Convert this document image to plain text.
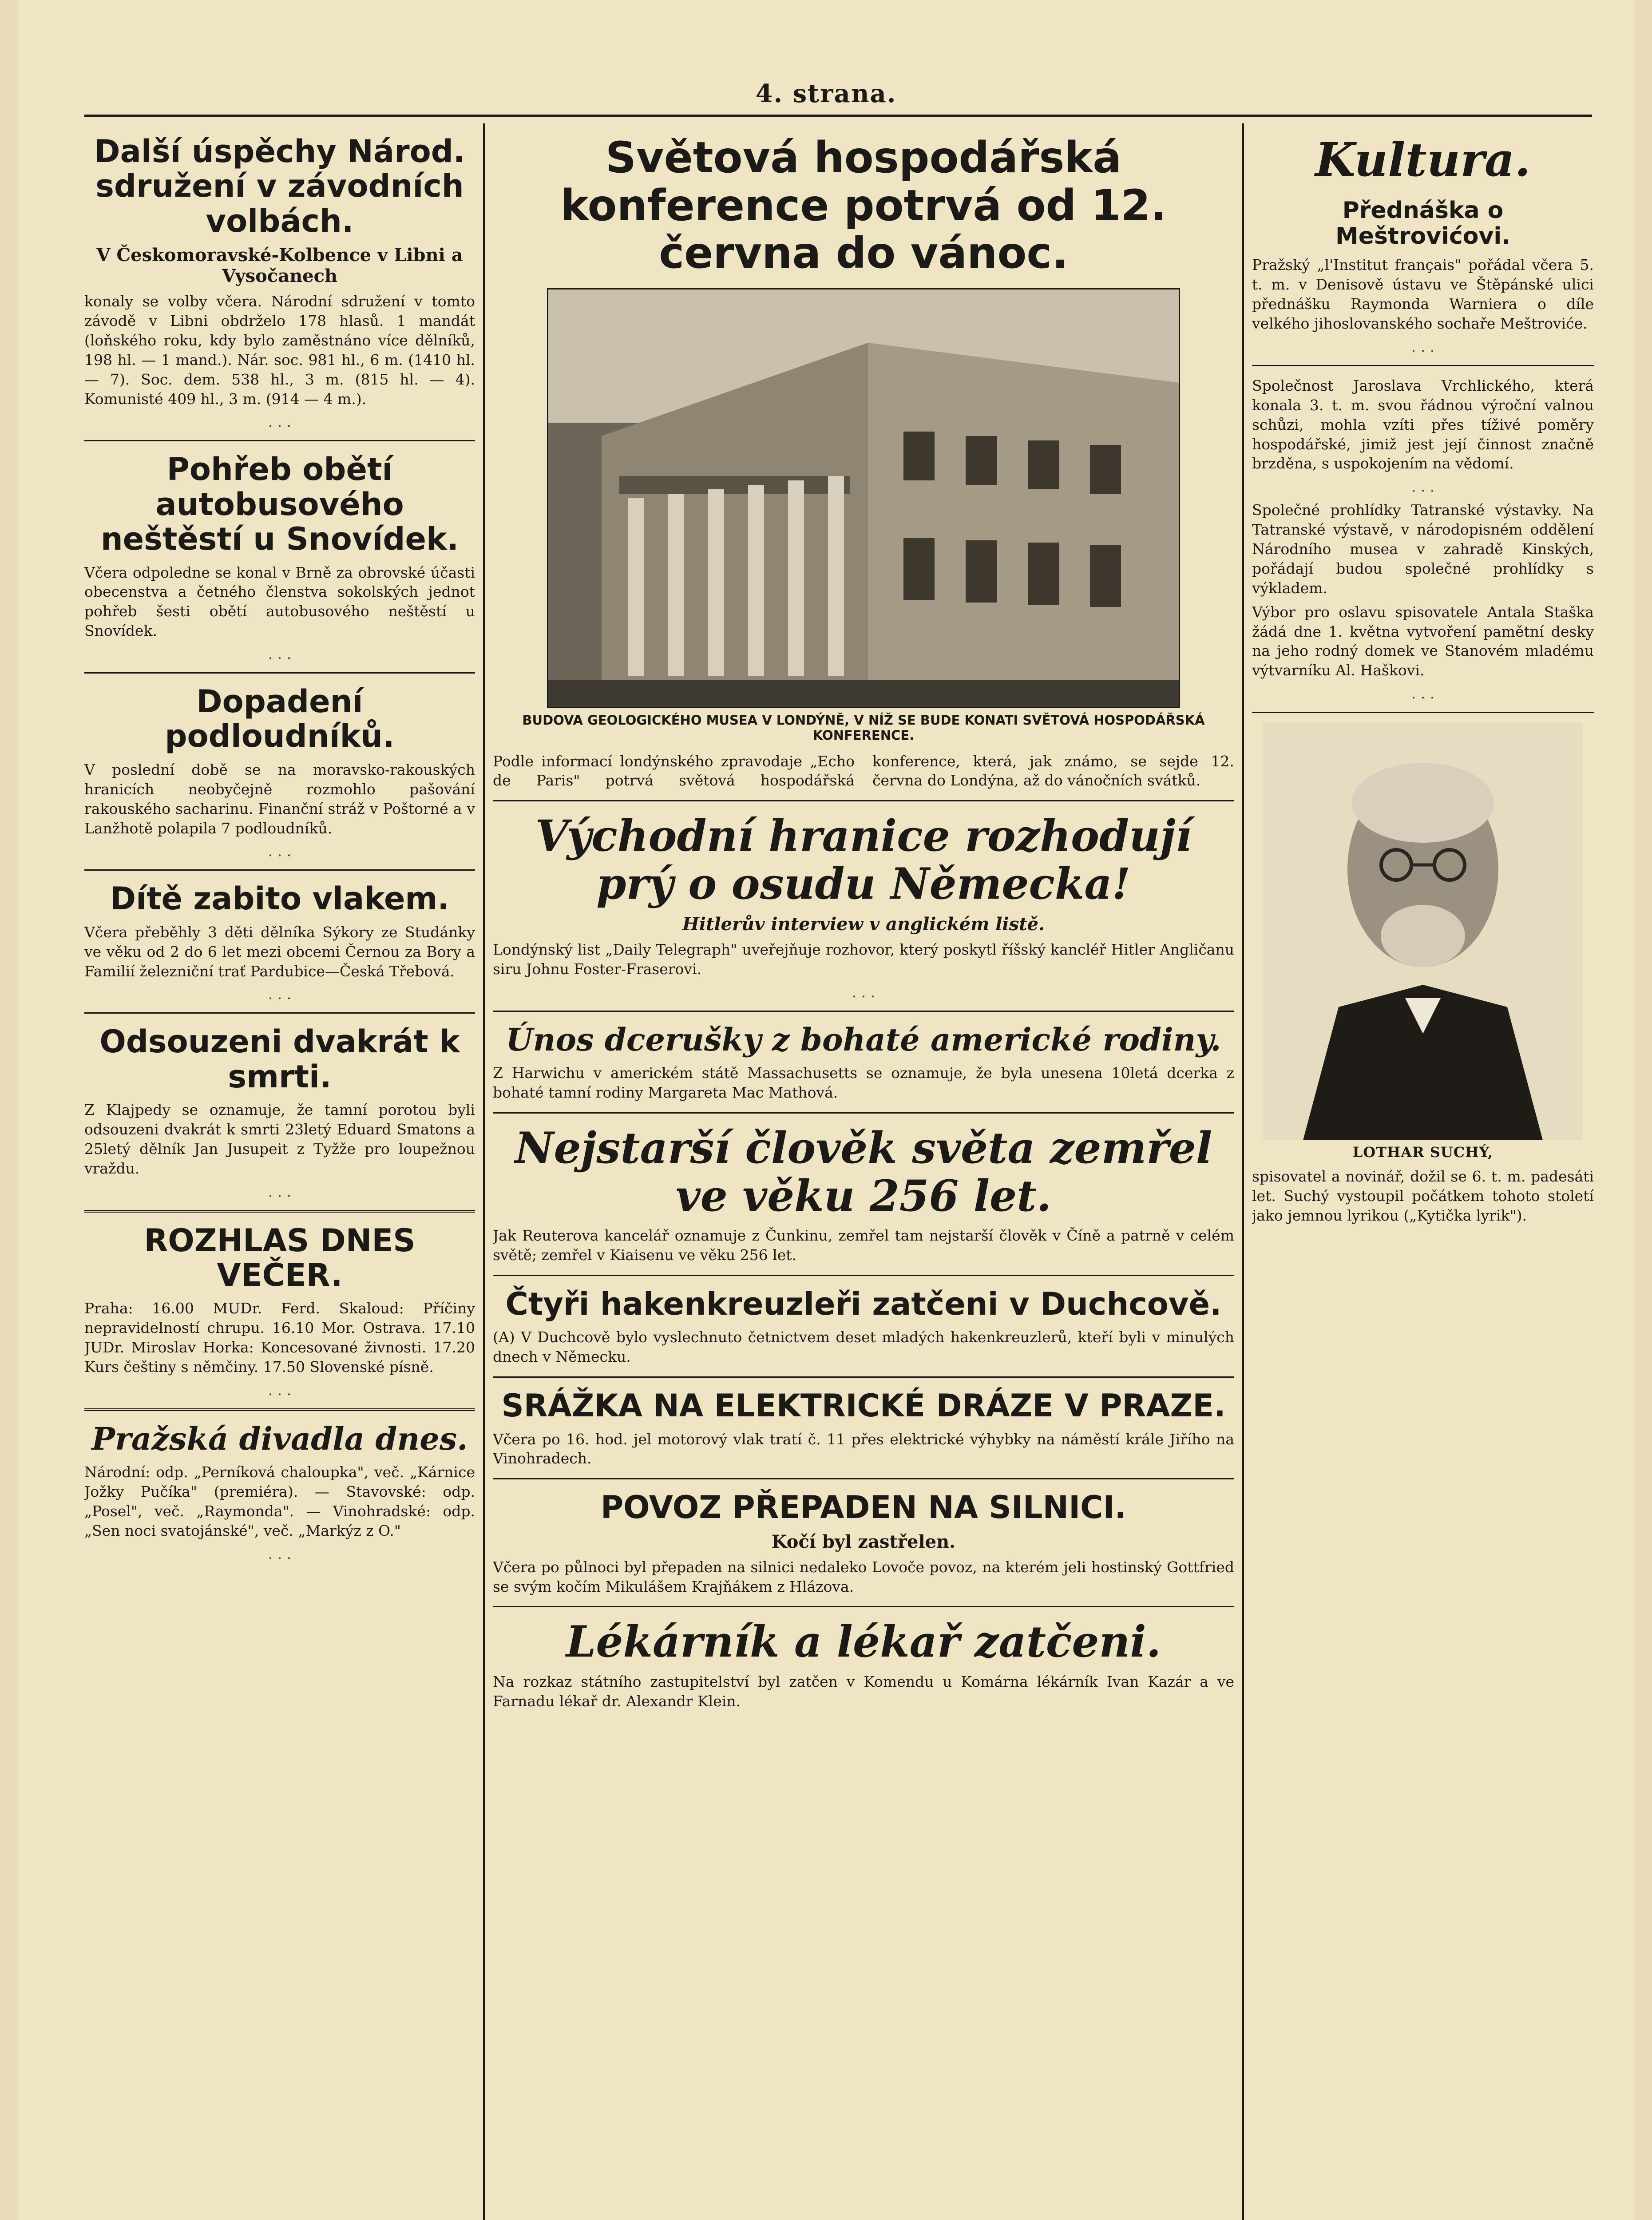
4. strana.
Další úspěchy Národ. sdružení v závodních volbách.
V Českomoravské-Kolbence v Libni a Vysočanech

konaly se volby včera. Národní sdružení v tomto závodě v Libni obdrželo 178 hlasů. 1 mandát (loňského roku, kdy bylo zaměstnáno více dělníků, 198 hl. — 1 mand.). Nár. soc. 981 hl., 6 m. (1410 hl. — 7). Soc. dem. 538 hl., 3 m. (815 hl. — 4). Komunisté 409 hl., 3 m. (914 — 4 m.).

. . .
Pohřeb obětí autobusového neštěstí u Snovídek.

Včera odpoledne se konal v Brně za obrovské účasti obecenstva a četného členstva sokolských jednot pohřeb šesti obětí autobusového neštěstí u Snovídek.

. . .
Dopadení podloudníků.

V poslední době se na moravsko-rakouských hranicích neobyčejně rozmohlo pašování rakouského sacharinu. Finanční stráž v Poštorné a v Lanžhotě polapila 7 podloudníků.

. . .
Dítě zabito vlakem.

Včera přeběhly 3 děti dělníka Sýkory ze Studánky ve věku od 2 do 6 let mezi obcemi Černou za Bory a Familií železniční trať Pardubice—Česká Třebová.

. . .
Odsouzeni dvakrát k smrti.

Z Klajpedy se oznamuje, že tamní porotou byli odsouzeni dvakrát k smrti 23letý Eduard Smatons a 25letý dělník Jan Jusupeit z Tyžže pro loupežnou vraždu.

. . .
ROZHLAS DNES VEČER.

Praha: 16.00 MUDr. Ferd. Skaloud: Příčiny nepravidelností chrupu. 16.10 Mor. Ostrava. 17.10 JUDr. Miroslav Horka: Koncesované živnosti. 17.20 Kurs češtiny s němčiny. 17.50 Slovenské písně.

. . .
Pražská divadla dnes.

Národní: odp. „Perníková chaloupka", več. „Kárnice Jožky Pučíka" (premiéra). — Stavovské: odp. „Posel", več. „Raymonda". — Vinohradské: odp. „Sen noci svatojánské", več. „Markýz z O."

. . .
Světová hospodářská konference potrvá od 12. června do vánoc.
BUDOVA GEOLOGICKÉHO MUSEA V LONDÝNĚ, V NÍŽ SE BUDE KONATI SVĚTOVÁ HOSPODÁŘSKÁ KONFERENCE.

Podle informací londýnského zpravodaje „Echo de Paris" potrvá světová hospodářská konference, která, jak známo, se sejde 12. června do Londýna, až do vánočních svátků.

Východní hranice rozhodují prý o osudu Německa!
Hitlerův interview v anglickém listě.

Londýnský list „Daily Telegraph" uveřejňuje rozhovor, který poskytl říšský kancléř Hitler Angličanu siru Johnu Foster-Fraserovi.

. . .
Únos dcerušky z bohaté americké rodiny.

Z Harwichu v americkém státě Massachusetts se oznamuje, že byla unesena 10letá dcerka z bohaté tamní rodiny Margareta Mac Mathová.

Nejstarší člověk světa zemřel ve věku 256 let.

Jak Reuterova kancelář oznamuje z Čunkinu, zemřel tam nejstarší člověk v Číně a patrně v celém světě; zemřel v Kiaisenu ve věku 256 let.

Čtyři hakenkreuzleři zatčeni v Duchcově.

(A) V Duchcově bylo vyslechnuto četnictvem deset mladých hakenkreuzlerů, kteří byli v minulých dnech v Německu.

SRÁŽKA NA ELEKTRICKÉ DRÁZE V PRAZE.

Včera po 16. hod. jel motorový vlak tratí č. 11 přes elektrické výhybky na náměstí krále Jiřího na Vinohradech.

POVOZ PŘEPADEN NA SILNICI.
Kočí byl zastřelen.

Včera po půlnoci byl přepaden na silnici nedaleko Lovoče povoz, na kterém jeli hostinský Gottfried se svým kočím Mikulášem Krajňákem z Hlázova.

Lékárník a lékař zatčeni.

Na rozkaz státního zastupitelství byl zatčen v Komendu u Komárna lékárník Ivan Kazár a ve Farnadu lékař dr. Alexandr Klein.

Kultura.
Přednáška o Meštrovićovi.

Pražský „l'Institut français" pořádal včera 5. t. m. v Denisově ústavu ve Štěpánské ulici přednášku Raymonda Warniera o díle velkého jihoslovanského sochaře Meštroviće.

. . .

Společnost Jaroslava Vrchlického, která konala 3. t. m. svou řádnou výroční valnou schůzi, mohla vzíti přes tíživé poměry hospodářské, jimiž jest její činnost značně brzděna, s uspokojením na vědomí.

. . .

Společné prohlídky Tatranské výstavky. Na Tatranské výstavě, v národopisném oddělení Národního musea v zahradě Kinských, pořádají budou společné prohlídky s výkladem.

Výbor pro oslavu spisovatele Antala Staška žádá dne 1. května vytvoření pamětní desky na jeho rodný domek ve Stanovém mladému výtvarníku Al. Haškovi.

. . .
LOTHAR SUCHÝ,

spisovatel a novinář, dožil se 6. t. m. padesáti let. Suchý vystoupil počátkem tohoto století jako jemnou lyrikou („Kytička lyrik").
